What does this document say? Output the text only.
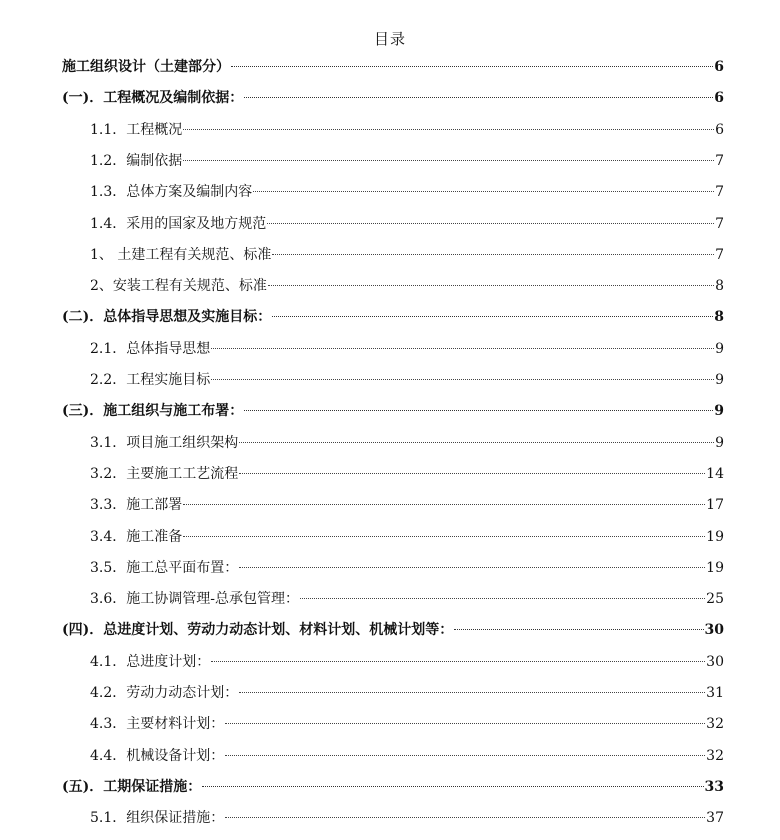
目录
施工组织设计（土建部分）	6
(一)．工程概况及编制依据：	6
1.1．工程概况	6
1.2．编制依据	7
1.3．总体方案及编制内容	7
1.4．采用的国家及地方规范	7
1、 土建工程有关规范、标准	7
2、安装工程有关规范、标准	8
(二)．总体指导思想及实施目标：	8
2.1．总体指导思想	9
2.2．工程实施目标	9
(三)．施工组织与施工布署：	9
3.1．项目施工组织架构	9
3.2．主要施工工艺流程	14
3.3．施工部署	17
3.4．施工准备	19
3.5．施工总平面布置：	19
3.6．施工协调管理-总承包管理：	25
(四)．总进度计划、劳动力动态计划、材料计划、机械计划等：	30
4.1．总进度计划：	30
4.2．劳动力动态计划：	31
4.3．主要材料计划：	32
4.4．机械设备计划：	32
(五)．工期保证措施：	33
5.1．组织保证措施：	37
